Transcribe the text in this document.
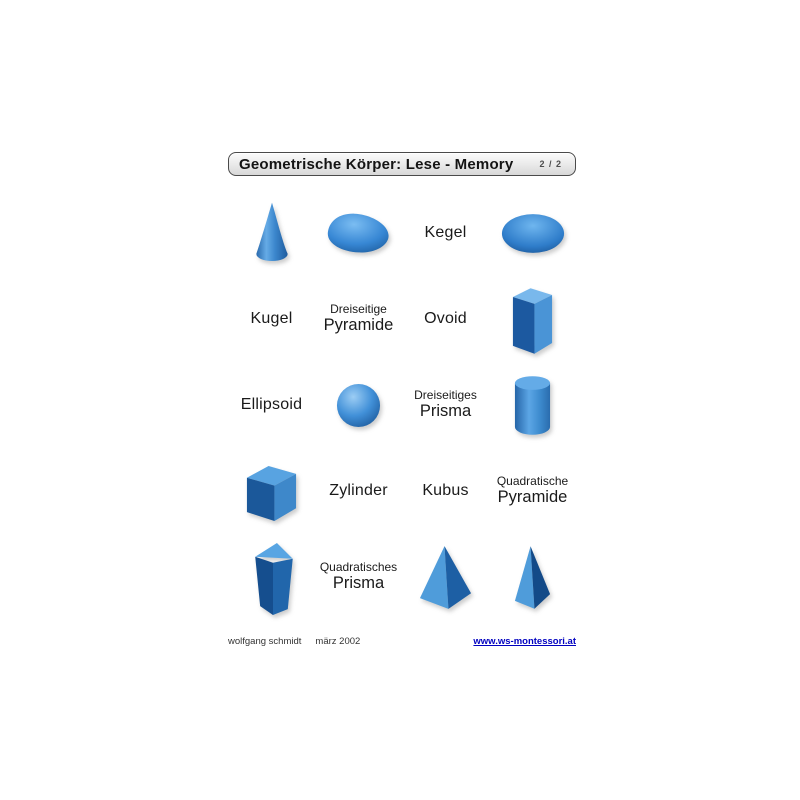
Geometrische Körper: Lese - Memory	2 / 2
Kegel
Kugel
Dreiseitige
Pyramide Ovoid
Ellipsoid
Dreiseitiges
Prisma
Zylinder Kubus
Quadratische
Pyramide
Quadratisches
Prisma
wolfgang schmidt märz 2002	www.ws-montessori.at
